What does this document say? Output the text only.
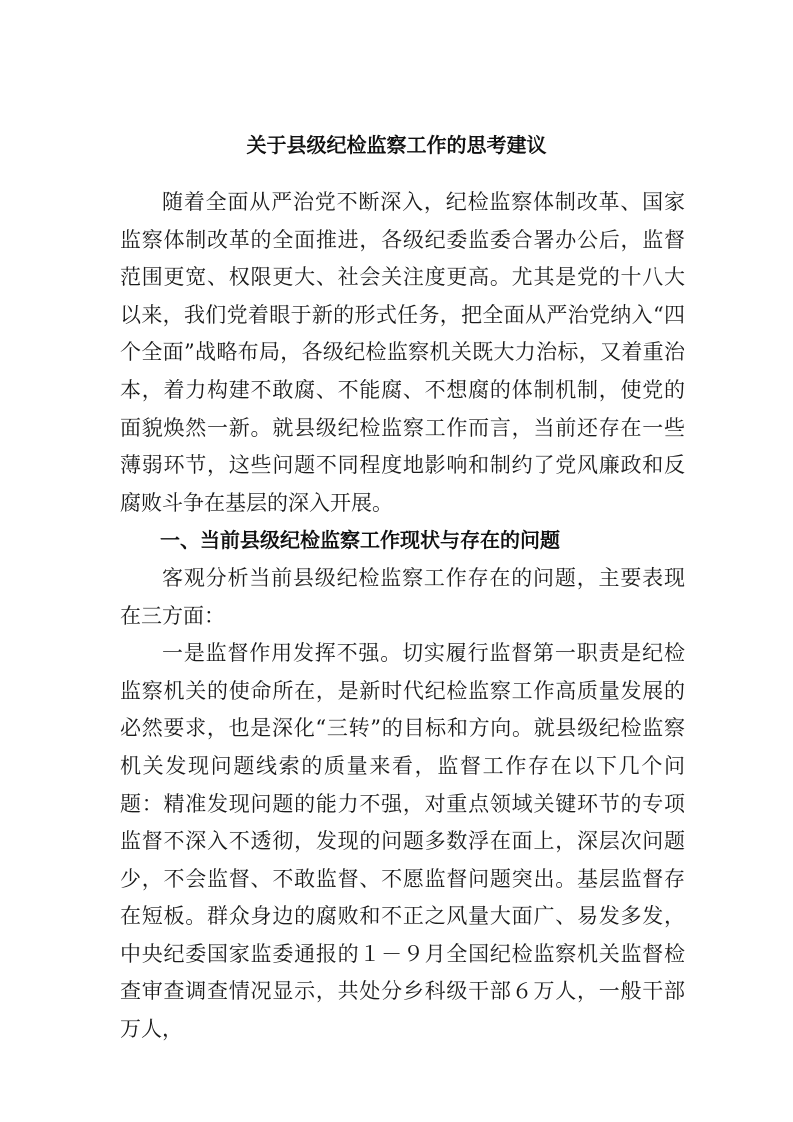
关于县级纪检监察工作的思考建议

随着全面从严治党不断深入，纪检监察体制改革、国家监察体制改革的全面推进，各级纪委监委合署办公后，监督范围更宽、权限更大、社会关注度更高。尤其是党的十八大以来，我们党着眼于新的形式任务，把全面从严治党纳入“四个全面”战略布局，各级纪检监察机关既大力治标，又着重治本，着力构建不敢腐、不能腐、不想腐的体制机制，使党的面貌焕然一新。就县级纪检监察工作而言，当前还存在一些薄弱环节，这些问题不同程度地影响和制约了党风廉政和反腐败斗争在基层的深入开展。

一、当前县级纪检监察工作现状与存在的问题

客观分析当前县级纪检监察工作存在的问题，主要表现在三方面：

一是监督作用发挥不强。切实履行监督第一职责是纪检监察机关的使命所在，是新时代纪检监察工作高质量发展的必然要求，也是深化“三转”的目标和方向。就县级纪检监察机关发现问题线索的质量来看，监督工作存在以下几个问题：精准发现问题的能力不强，对重点领域关键环节的专项监督不深入不透彻，发现的问题多数浮在面上，深层次问题少，不会监督、不敢监督、不愿监督问题突出。基层监督存在短板。群众身边的腐败和不正之风量大面广、易发多发，中央纪委国家监委通报的１－９月全国纪检监察机关监督检查审查调查情况显示，共处分乡科级干部６万人，一般干部万人，
